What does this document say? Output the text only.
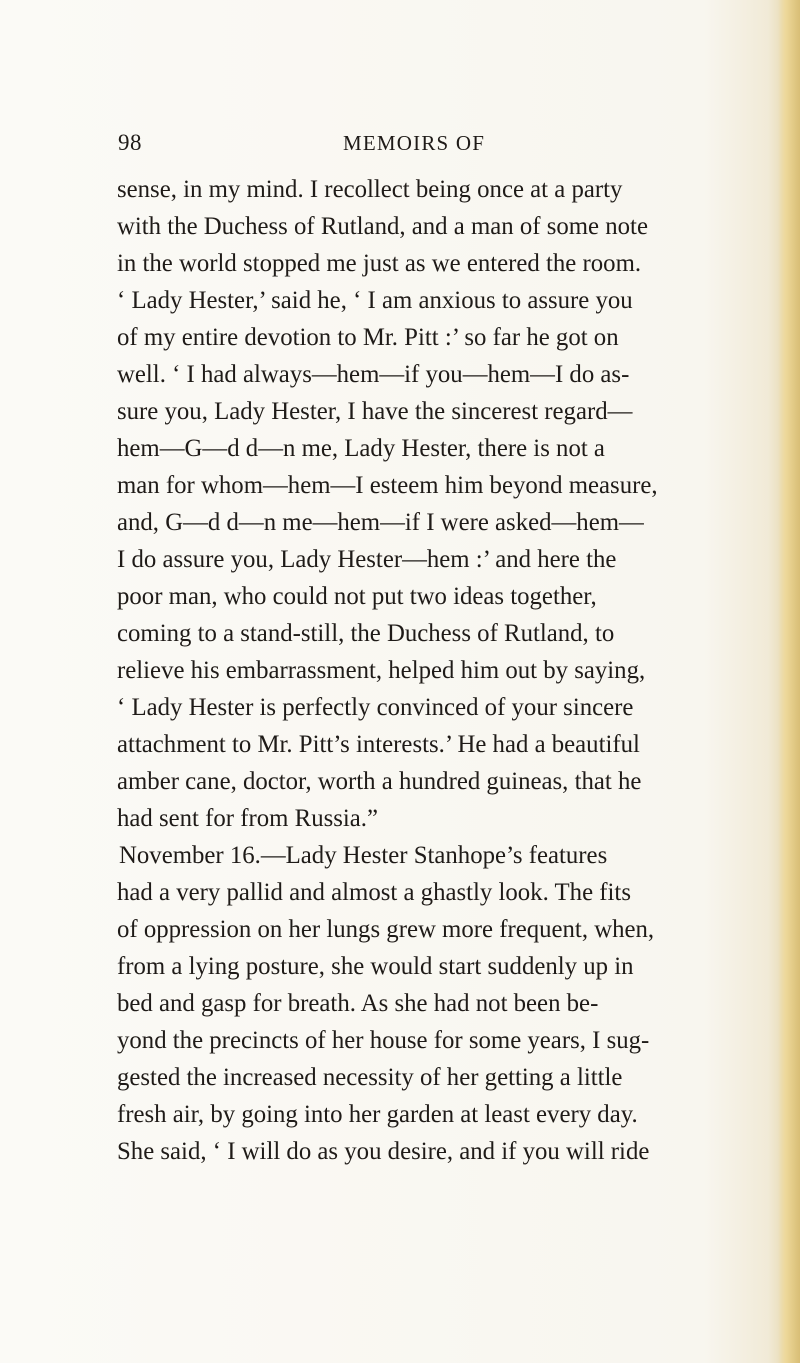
98	MEMOIRS OF
sense, in my mind. I recollect being once at a party
with the Duchess of Rutland, and a man of some note
in the world stopped me just as we entered the room.
‘ Lady Hester,’ said he, ‘ I am anxious to assure you
of my entire devotion to Mr. Pitt :’ so far he got on
well. ‘ I had always—hem—if you—hem—I do as-
sure you, Lady Hester, I have the sincerest regard—
hem—G—d d—n me, Lady Hester, there is not a
man for whom—hem—I esteem him beyond measure,
and, G—d d—n me—hem—if I were asked—hem—
I do assure you, Lady Hester—hem :’ and here the
poor man, who could not put two ideas together,
coming to a stand-still, the Duchess of Rutland, to
relieve his embarrassment, helped him out by saying,
‘ Lady Hester is perfectly convinced of your sincere
attachment to Mr. Pitt’s interests.’ He had a beautiful
amber cane, doctor, worth a hundred guineas, that he
had sent for from Russia.”
November 16.—Lady Hester Stanhope’s features
had a very pallid and almost a ghastly look. The fits
of oppression on her lungs grew more frequent, when,
from a lying posture, she would start suddenly up in
bed and gasp for breath. As she had not been be-
yond the precincts of her house for some years, I sug-
gested the increased necessity of her getting a little
fresh air, by going into her garden at least every day.
She said, ‘ I will do as you desire, and if you will ride
